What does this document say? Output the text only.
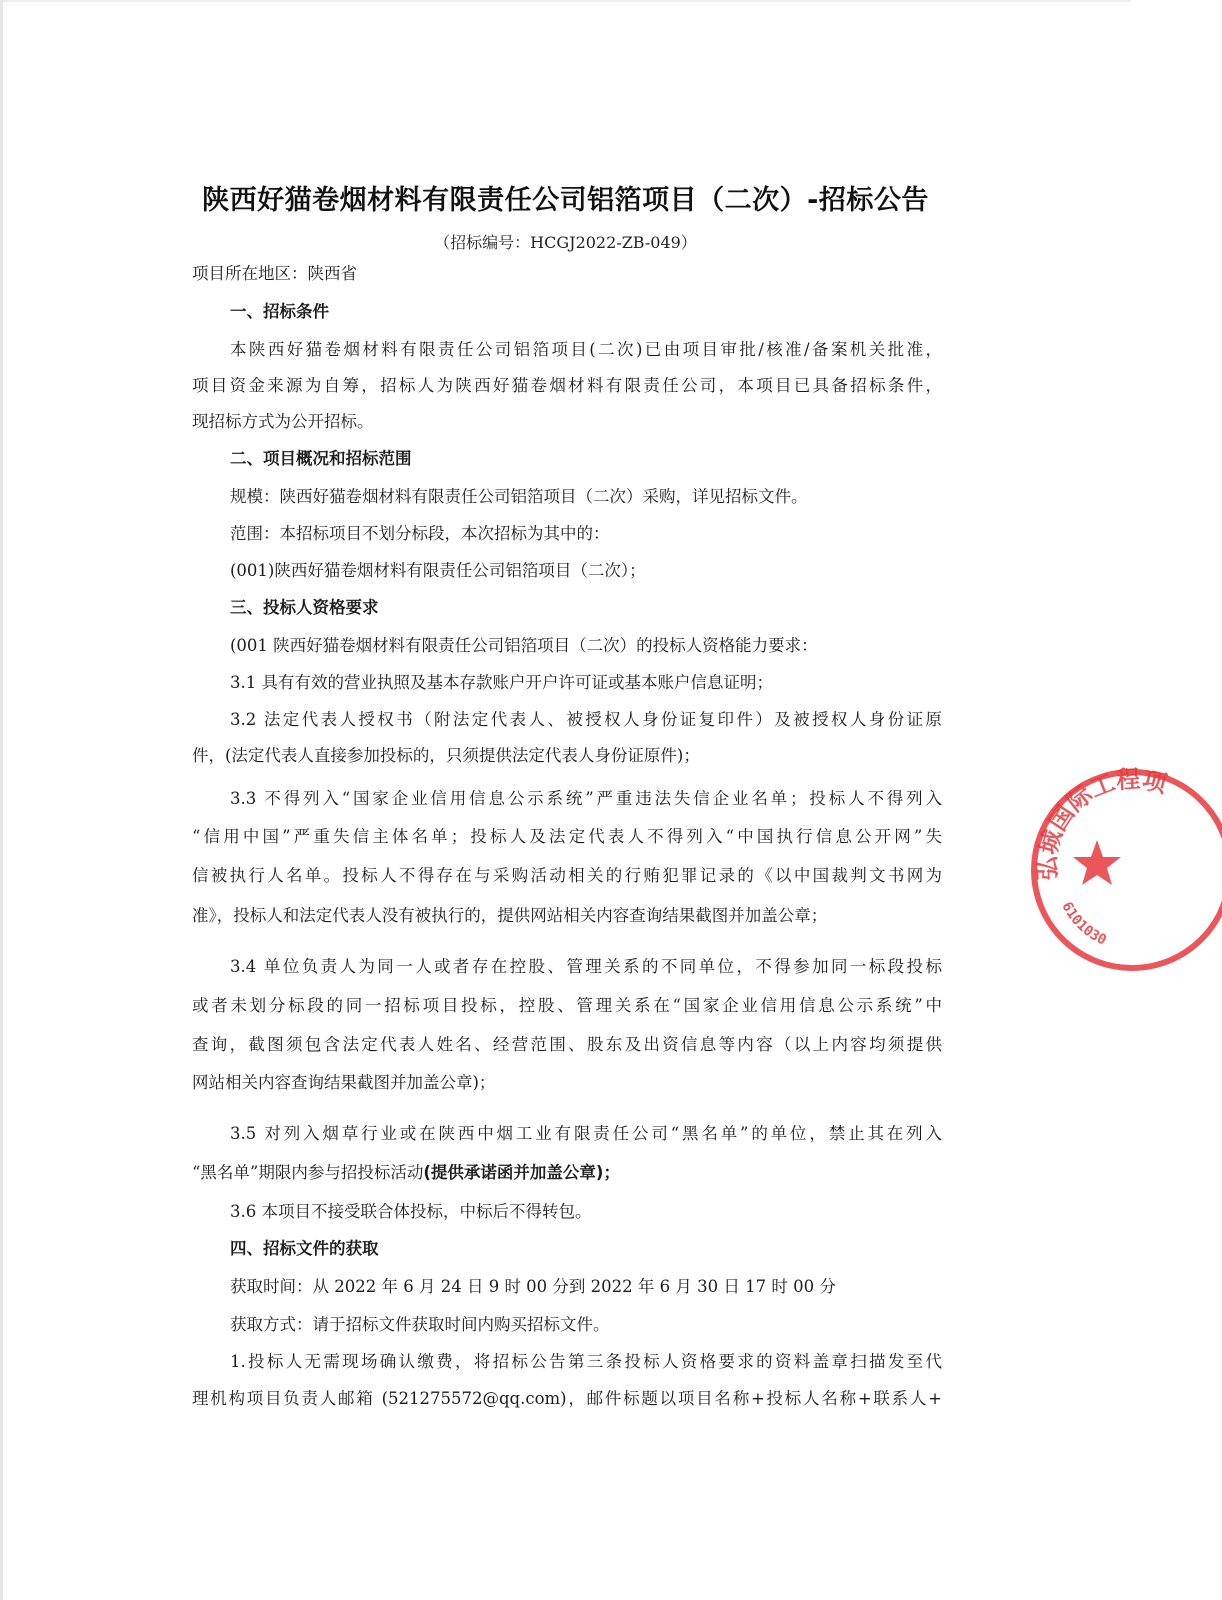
陕西好猫卷烟材料有限责任公司铝箔项目（二次）-招标公告
（招标编号：HCGJ2022-ZB-049）
项目所在地区：陕西省
一、招标条件
本陕西好猫卷烟材料有限责任公司铝箔项目(二次)已由项目审批/核准/备案机关批准，
项目资金来源为自筹，招标人为陕西好猫卷烟材料有限责任公司，本项目已具备招标条件，
现招标方式为公开招标。
二、项目概况和招标范围
规模：陕西好猫卷烟材料有限责任公司铝箔项目（二次）采购，详见招标文件。
范围：本招标项目不划分标段，本次招标为其中的：
(001)陕西好猫卷烟材料有限责任公司铝箔项目（二次）；
三、投标人资格要求
(001 陕西好猫卷烟材料有限责任公司铝箔项目（二次）的投标人资格能力要求：
3.1 具有有效的营业执照及基本存款账户开户许可证或基本账户信息证明；
3.2 法定代表人授权书（附法定代表人、被授权人身份证复印件）及被授权人身份证原
件，(法定代表人直接参加投标的，只须提供法定代表人身份证原件)；
3.3 不得列入“国家企业信用信息公示系统”严重违法失信企业名单；投标人不得列入
“信用中国”严重失信主体名单；投标人及法定代表人不得列入“中国执行信息公开网”失
信被执行人名单。投标人不得存在与采购活动相关的行贿犯罪记录的《以中国裁判文书网为
准》，投标人和法定代表人没有被执行的，提供网站相关内容查询结果截图并加盖公章；
3.4 单位负责人为同一人或者存在控股、管理关系的不同单位，不得参加同一标段投标
或者未划分标段的同一招标项目投标，控股、管理关系在“国家企业信用信息公示系统”中
查询，截图须包含法定代表人姓名、经营范围、股东及出资信息等内容（以上内容均须提供
网站相关内容查询结果截图并加盖公章)；
3.5 对列入烟草行业或在陕西中烟工业有限责任公司“黑名单”的单位，禁止其在列入
“黑名单”期限内参与招投标活动(提供承诺函并加盖公章)；
3.6 本项目不接受联合体投标，中标后不得转包。
四、招标文件的获取
获取时间：从 2022 年 6 月 24 日 9 时 00 分到 2022 年 6 月 30 日 17 时 00 分
获取方式：请于招标文件获取时间内购买招标文件。
1.投标人无需现场确认缴费，将招标公告第三条投标人资格要求的资料盖章扫描发至代
理机构项目负责人邮箱 (521275572@qq.com)，邮件标题以项目名称+投标人名称+联系人+
弘城国际工程项
6101030
